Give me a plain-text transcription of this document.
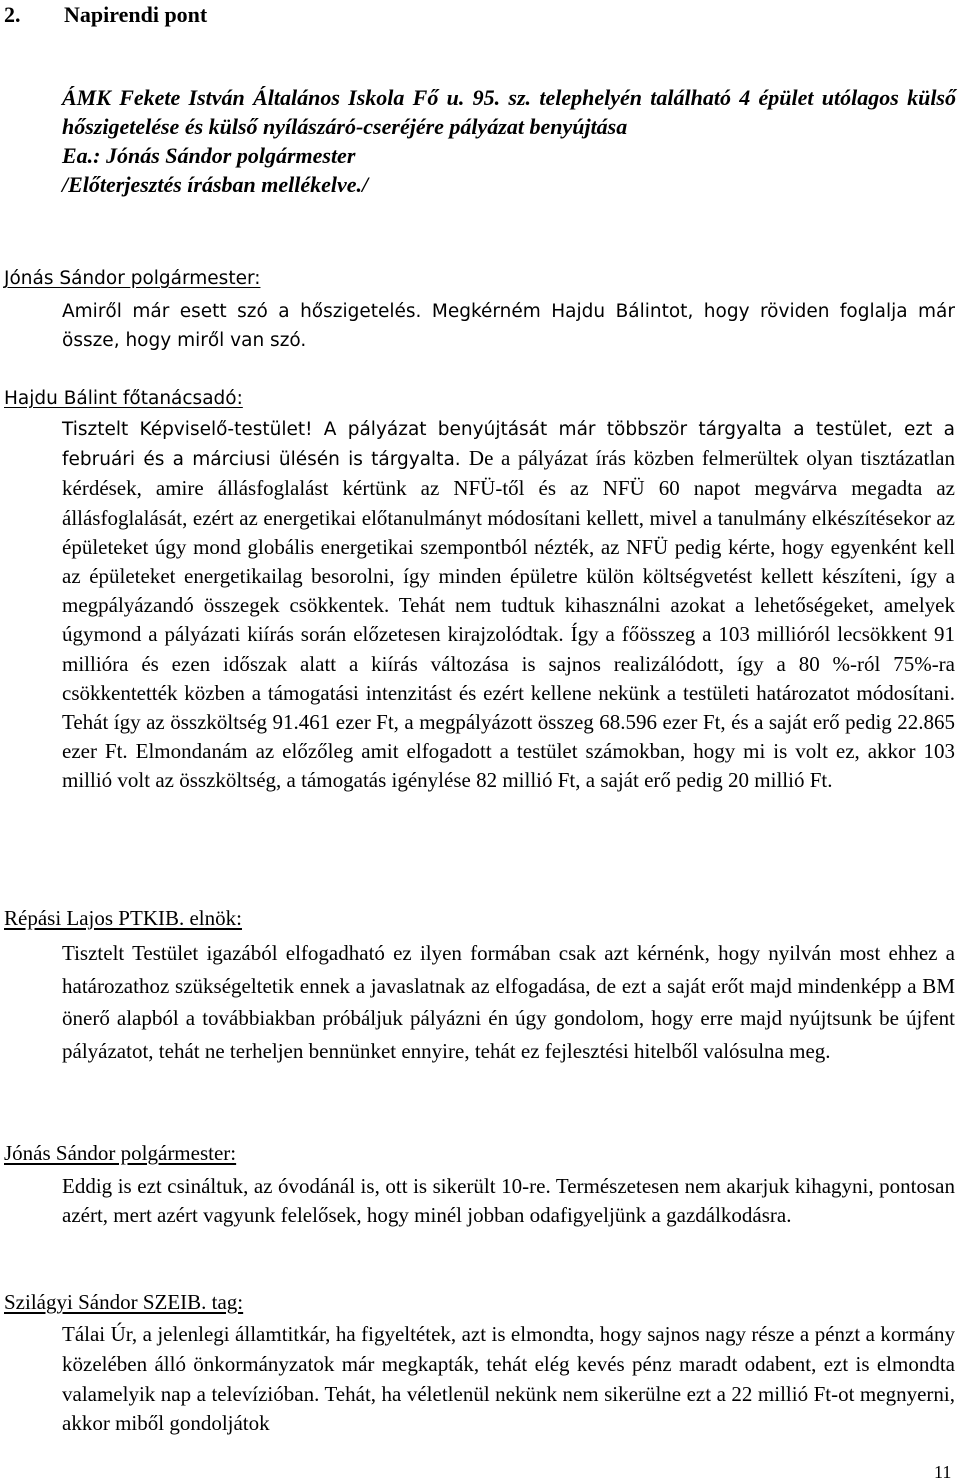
2. Napirendi pont
ÁMK Fekete István Általános Iskola Fő u. 95. sz. telephelyén található 4 épület utólagos külső hőszigetelése és külső nyílászáró-cseréjére pályázat benyújtása
Ea.: Jónás Sándor polgármester
/Előterjesztés írásban mellékelve./
Jónás Sándor polgármester:
Amiről már esett szó a hőszigetelés. Megkérném Hajdu Bálintot, hogy röviden foglalja már össze, hogy miről van szó.
Hajdu Bálint főtanácsadó:
Tisztelt Képviselő-testület! A pályázat benyújtását már többször tárgyalta a testület, ezt a februári és a márciusi ülésén is tárgyalta. De a pályázat írás közben felmerültek olyan tisztázatlan kérdések, amire állásfoglalást kértünk az NFÜ-től és az NFÜ 60 napot megvárva megadta az állásfoglalását, ezért az energetikai előtanulmányt módosítani kellett, mivel a tanulmány elkészítésekor az épületeket úgy mond globális energetikai szempontból nézték, az NFÜ pedig kérte, hogy egyenként kell az épületeket energetikailag besorolni, így minden épületre külön költségvetést kellett készíteni, így a megpályázandó összegek csökkentek. Tehát nem tudtuk kihasználni azokat a lehetőségeket, amelyek úgymond a pályázati kiírás során előzetesen kirajzolódtak. Így a főösszeg a 103 millióról lecsökkent 91 millióra és ezen időszak alatt a kiírás változása is sajnos realizálódott, így a 80 %-ról 75%-ra csökkentették közben a támogatási intenzitást és ezért kellene nekünk a testületi határozatot módosítani. Tehát így az összköltség 91.461 ezer Ft, a megpályázott összeg 68.596 ezer Ft, és a saját erő pedig 22.865 ezer Ft. Elmondanám az előzőleg amit elfogadott a testület számokban, hogy mi is volt ez, akkor 103 millió volt az összköltség, a támogatás igénylése 82 millió Ft, a saját erő pedig 20 millió Ft.
Répási Lajos PTKIB. elnök:
Tisztelt Testület igazából elfogadható ez ilyen formában csak azt kérnénk, hogy nyilván most ehhez a határozathoz szükségeltetik ennek a javaslatnak az elfogadása, de ezt a saját erőt majd mindenképp a BM önerő alapból a továbbiakban próbáljuk pályázni én úgy gondolom, hogy erre majd nyújtsunk be újfent pályázatot, tehát ne terheljen bennünket ennyire, tehát ez fejlesztési hitelből valósulna meg.
Jónás Sándor polgármester:
Eddig is ezt csináltuk, az óvodánál is, ott is sikerült 10-re. Természetesen nem akarjuk kihagyni, pontosan azért, mert azért vagyunk felelősek, hogy minél jobban odafigyeljünk a gazdálkodásra.
Szilágyi Sándor SZEIB. tag:
Tálai Úr, a jelenlegi államtitkár, ha figyeltétek, azt is elmondta, hogy sajnos nagy része a pénzt a kormány közelében álló önkormányzatok már megkapták, tehát elég kevés pénz maradt odabent, ezt is elmondta valamelyik nap a televízióban. Tehát, ha véletlenül nekünk nem sikerülne ezt a 22 millió Ft-ot megnyerni, akkor miből gondoljátok
11
